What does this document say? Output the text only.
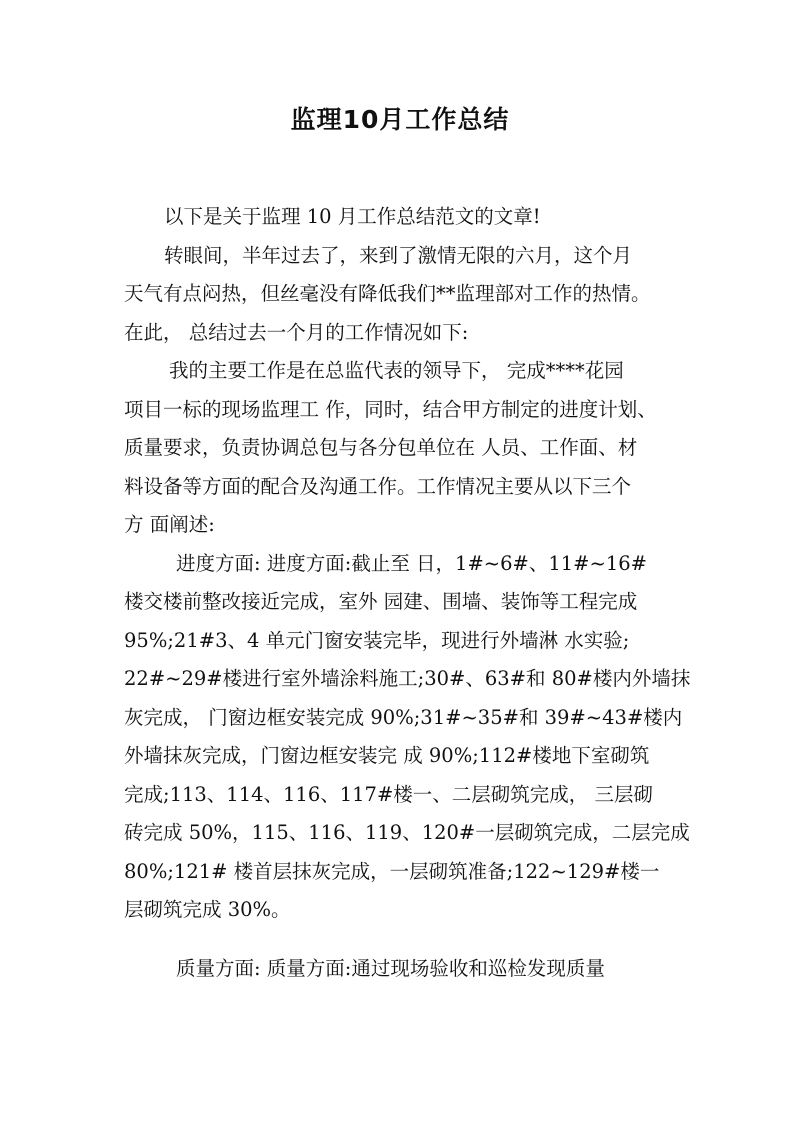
监理10月工作总结
以下是关于监理 10 月工作总结范文的文章!
转眼间，半年过去了，来到了激情无限的六月，这个月
天气有点闷热，但丝毫没有降低我们**监理部对工作的热情。
在此， 总结过去一个月的工作情况如下:
我的主要工作是在总监代表的领导下， 完成****花园
项目一标的现场监理工 作，同时，结合甲方制定的进度计划、
质量要求，负责协调总包与各分包单位在 人员、工作面、材
料设备等方面的配合及沟通工作。工作情况主要从以下三个
方 面阐述:
进度方面: 进度方面:截止至 日，1#~6#、11#~16#
楼交楼前整改接近完成，室外 园建、围墙、装饰等工程完成
95%;21#3、4 单元门窗安装完毕，现进行外墙淋 水实验;
22#~29#楼进行室外墙涂料施工;30#、63#和 80#楼内外墙抹
灰完成， 门窗边框安装完成 90%;31#~35#和 39#~43#楼内
外墙抹灰完成，门窗边框安装完 成 90%;112#楼地下室砌筑
完成;113、114、116、117#楼一、二层砌筑完成， 三层砌
砖完成 50%，115、116、119、120#一层砌筑完成，二层完成
80%;121# 楼首层抹灰完成，一层砌筑准备;122~129#楼一
层砌筑完成 30%。
质量方面: 质量方面:通过现场验收和巡检发现质量
